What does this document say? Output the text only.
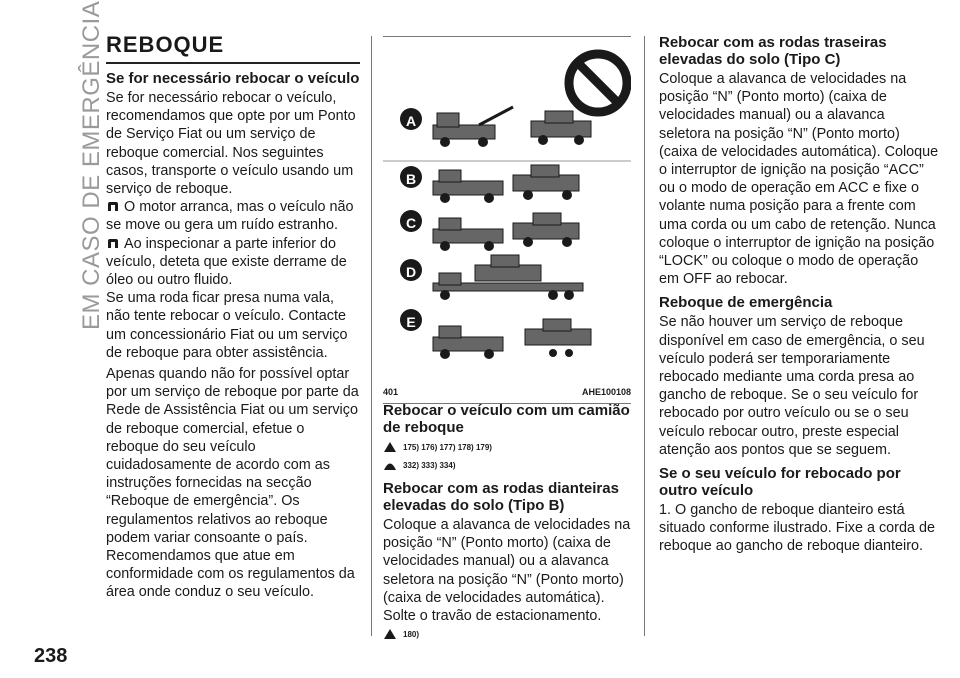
EM CASO DE EMERGÊNCIA REBOQUE
Se for necessário rebocar o veículo

Se for necessário rebocar o veículo, recomendamos que opte por um Ponto de Serviço Fiat ou um serviço de reboque comercial. Nos seguintes casos, transporte o veículo usando um serviço de reboque.

O motor arranca, mas o veículo não se move ou gera um ruído estranho.

Ao inspecionar a parte inferior do veículo, deteta que existe derrame de óleo ou outro fluido.

Se uma roda ficar presa numa vala, não tente rebocar o veículo. Contacte um concessionário Fiat ou um serviço de reboque para obter assistência.

Apenas quando não for possível optar por um serviço de reboque por parte da Rede de Assistência Fiat ou um serviço de reboque comercial, efetue o reboque do seu veículo cuidadosamente de acordo com as instruções fornecidas na secção “Reboque de emergência”. Os regulamentos relativos ao reboque podem variar consoante o país. Recomendamos que atue em conformidade com os regulamentos da área onde conduz o seu veículo.

A
B
C
D
E
401	AHE100108
Rebocar o veículo com um camião de reboque
175) 176) 177) 178) 179)
332) 333) 334)
Rebocar com as rodas dianteiras elevadas do solo (Tipo B)

Coloque a alavanca de velocidades na posição “N” (Ponto morto) (caixa de velocidades manual) ou a alavanca seletora na posição “N” (Ponto morto) (caixa de velocidades automática). Solte o travão de estacionamento.

180)
Rebocar com as rodas traseiras elevadas do solo (Tipo C)

Coloque a alavanca de velocidades na posição “N” (Ponto morto) (caixa de velocidades manual) ou a alavanca seletora na posição “N” (Ponto morto) (caixa de velocidades automática). Coloque o interruptor de ignição na posição “ACC” ou o modo de operação em ACC e fixe o volante numa posição para a frente com uma corda ou um cabo de retenção. Nunca coloque o interruptor de ignição na posição “LOCK” ou coloque o modo de operação em OFF ao rebocar.

Reboque de emergência

Se não houver um serviço de reboque disponível em caso de emergência, o seu veículo poderá ser temporariamente rebocado mediante uma corda presa ao gancho de reboque. Se o seu veículo for rebocado por outro veículo ou se o seu veículo rebocar outro, preste especial atenção aos pontos que se seguem.

Se o seu veículo for rebocado por outro veículo

1. O gancho de reboque dianteiro está situado conforme ilustrado. Fixe a corda de reboque ao gancho de reboque dianteiro.

238
